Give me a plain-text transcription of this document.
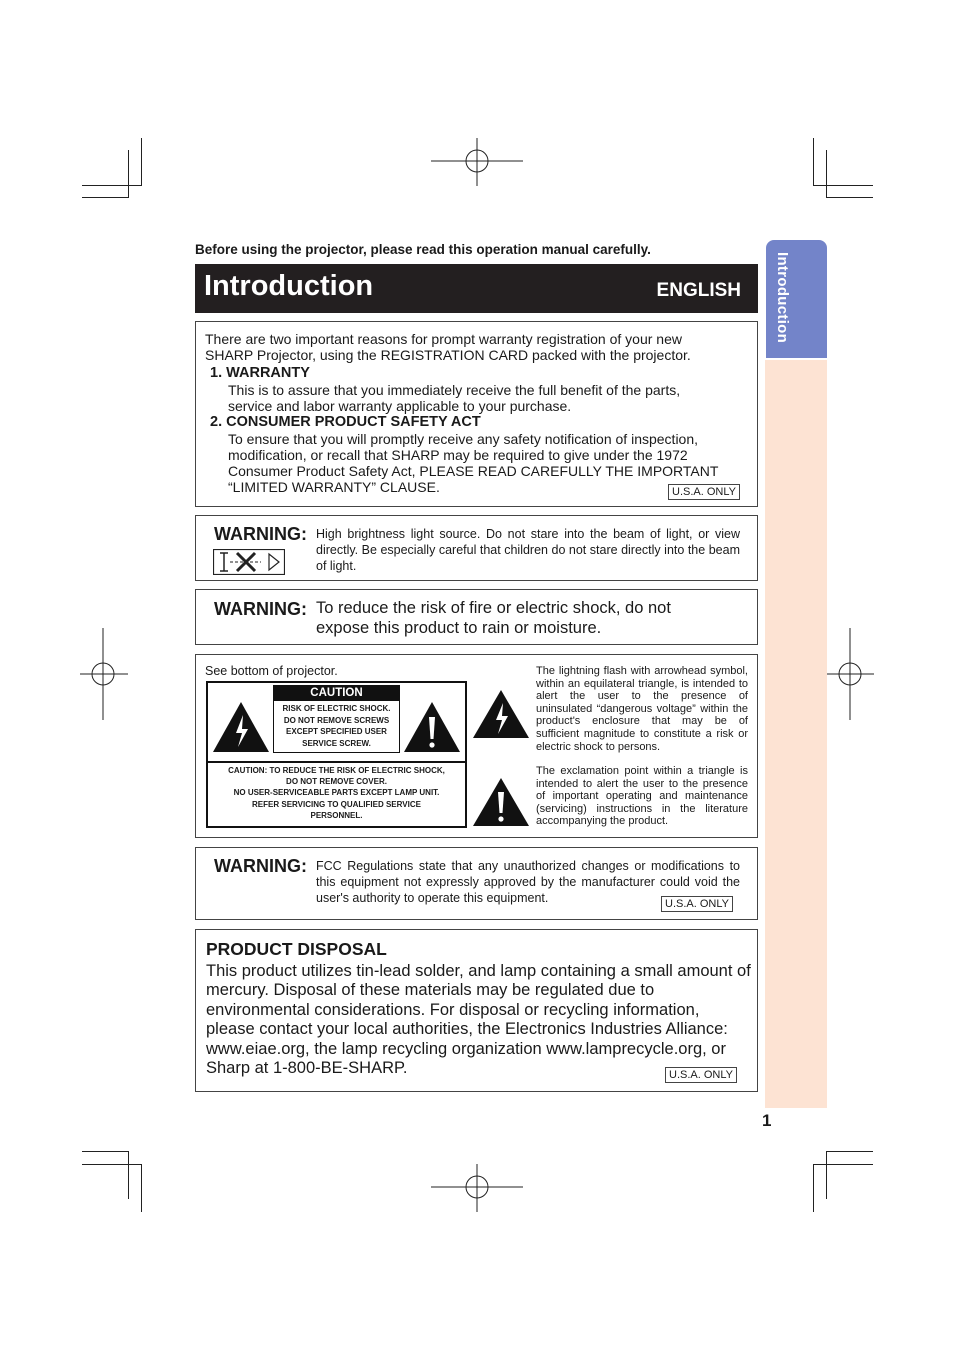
Introduction
Before using the projector, please read this operation manual carefully.
Introduction	ENGLISH
There are two important reasons for prompt warranty registration of your new SHARP Projector, using the REGISTRATION CARD packed with the projector.
1. WARRANTY
This is to assure that you immediately receive the full benefit of the parts, service and labor warranty applicable to your purchase.
2. CONSUMER PRODUCT SAFETY ACT
To ensure that you will promptly receive any safety notification of inspection, modification, or recall that SHARP may be required to give under the 1972 Consumer Product Safety Act, PLEASE READ CAREFULLY THE IMPORTANT “LIMITED WARRANTY” CLAUSE.	U.S.A. ONLY
WARNING: High brightness light source. Do not stare into the beam of light, or view directly. Be especially careful that children do not stare directly into the beam of light.
WARNING: To reduce the risk of fire or electric shock, do not expose this product to rain or moisture.
See bottom of projector.
CAUTION
RISK OF ELECTRIC SHOCK.
DO NOT REMOVE SCREWS
EXCEPT SPECIFIED USER
SERVICE SCREW.
CAUTION: TO REDUCE THE RISK OF ELECTRIC SHOCK,
DO NOT REMOVE COVER.
NO USER-SERVICEABLE PARTS EXCEPT LAMP UNIT.
REFER SERVICING TO QUALIFIED SERVICE
PERSONNEL.
The lightning flash with arrowhead symbol, within an equilateral triangle, is intended to alert the user to the presence of uninsulated “dangerous voltage” within the product's enclosure that may be of sufficient magnitude to constitute a risk or electric shock to persons.
The exclamation point within a triangle is intended to alert the user to the presence of important operating and maintenance (servicing) instructions in the literature accompanying the product.
WARNING: FCC Regulations state that any unauthorized changes or modifications to this equipment not expressly approved by the manufacturer could void the user's authority to operate this equipment.	U.S.A. ONLY
PRODUCT DISPOSAL
This product utilizes tin-lead solder, and lamp containing a small amount of mercury. Disposal of these materials may be regulated due to environmental considerations. For disposal or recycling information, please contact your local authorities, the Electronics Industries Alliance: www.eiae.org, the lamp recycling organization www.lamprecycle.org, or Sharp at 1-800-BE-SHARP.	U.S.A. ONLY
1
